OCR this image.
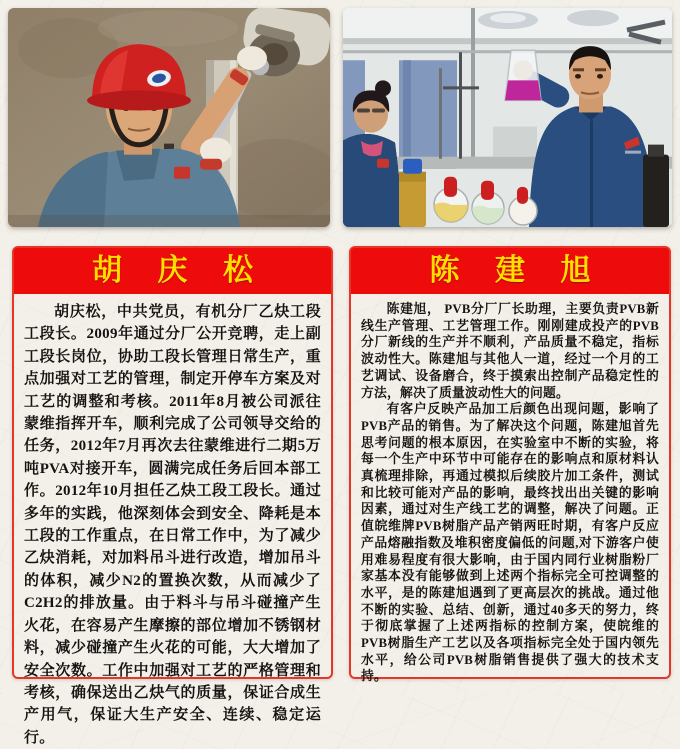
胡 庆 松

胡庆松，中共党员，有机分厂乙炔工段工段长。2009年通过分厂公开竞聘，走上副工段长岗位，协助工段长管理日常生产，重点加强对工艺的管理，制定开停车方案及对工艺的调整和考核。2011年8月被公司派往蒙维指挥开车，顺利完成了公司领导交给的任务，2012年7月再次去往蒙维进行二期5万吨PVA对接开车，圆满完成任务后回本部工作。2012年10月担任乙炔工段工段长。通过多年的实践，他深刻体会到安全、降耗是本工段的工作重点，在日常工作中，为了减少乙炔消耗，对加料吊斗进行改造，增加吊斗的体积，减少N2的置换次数，从而减少了C2H2的排放量。由于料斗与吊斗碰撞产生火花，在容易产生摩擦的部位增加不锈钢材料，减少碰撞产生火花的可能，大大增加了安全次数。工作中加强对工艺的严格管理和考核，确保送出乙炔气的质量，保证合成生产用气，保证大生产安全、连续、稳定运行。

陈 建 旭

陈建旭， PVB分厂厂长助理，主要负责PVB新线生产管理、工艺管理工作。刚刚建成投产的PVB分厂新线的生产并不顺利，产品质量不稳定，指标波动性大。陈建旭与其他人一道，经过一个月的工艺调试、设备磨合，终于摸索出控制产品稳定性的方法，解决了质量波动性大的问题。

有客户反映产品加工后颜色出现问题，影响了PVB产品的销售。为了解决这个问题，陈建旭首先思考问题的根本原因，在实验室中不断的实验，将每一个生产中环节中可能存在的影响点和原材料认真梳理排除，再通过模拟后续胶片加工条件，测试和比较可能对产品的影响，最终找出出关键的影响因素，通过对生产线工艺的调整，解决了问题。正值皖维牌PVB树脂产品产销两旺时期，有客户反应产品熔融指数及堆积密度偏低的问题,对下游客户使用难易程度有很大影响，由于国内同行业树脂粉厂家基本没有能够做到上述两个指标完全可控调整的水平，是的陈建旭遇到了更高层次的挑战。通过他不断的实验、总结、创新，通过40多天的努力，终于彻底掌握了上述两指标的控制方案，使皖维的PVB树脂生产工艺以及各项指标完全处于国内领先水平，给公司PVB树脂销售提供了强大的技术支持。
